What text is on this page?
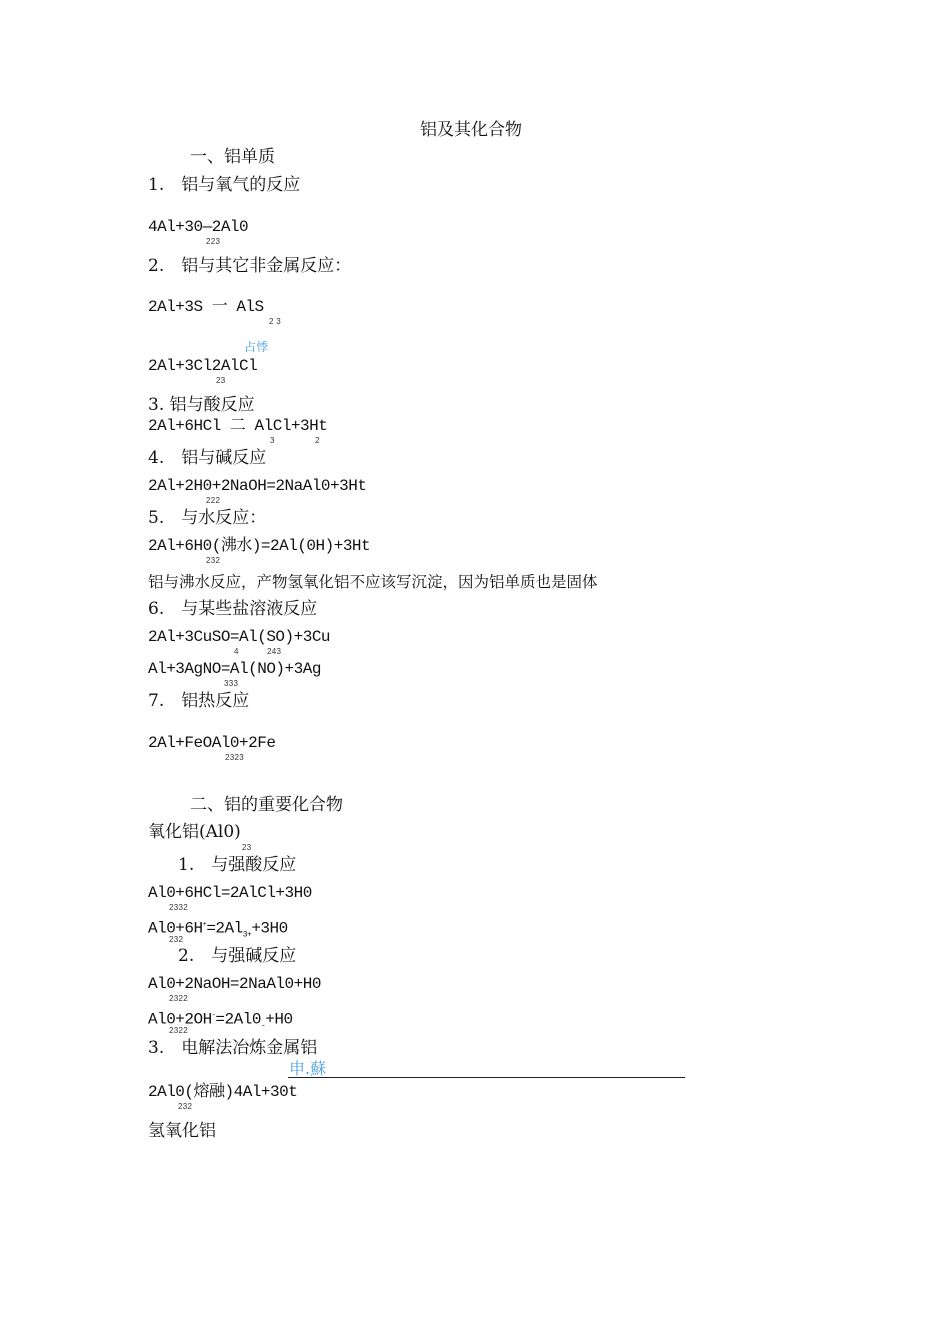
铝及其化合物
一、铝单质
1.　铝与氧气的反应
4Al+30—2Al0
223
2.　铝与其它非金属反应：
2Al+3S 一 AlS
2 3
占悸
2Al+3Cl2AlCl
23
3. 铝与酸反应
2Al+6HCl 二 AlCl+3Ht
3	2
4.　铝与碱反应
2Al+2H0+2NaOH=2NaAl0+3Ht
222
5.　与水反应：
2Al+6H0(沸水)=2Al(0H)+3Ht
232
铝与沸水反应，产物氢氧化铝不应该写沉淀，因为铝单质也是固体
6.　与某些盐溶液反应
2Al+3CuSO=Al(SO)+3Cu
4	243
Al+3AgNO=Al(NO)+3Ag
333
7.　铝热反应
2Al+FeOAl0+2Fe
2323
二、铝的重要化合物
氧化铝(Al0)
23
1.　与强酸反应
Al0+6HCl=2AlCl+3H0
2332
$Al0+6H^+=2Al_{3+}+3H0$
232
2.　与强碱反应
Al0+2NaOH=2NaAl0+H0
2322
$Al0+2OH^-=2Al0_-+H0$
2322
3.　电解法冶炼金属铝
申.蘇
2Al0(熔融)4Al+30t
232
氢氧化铝
